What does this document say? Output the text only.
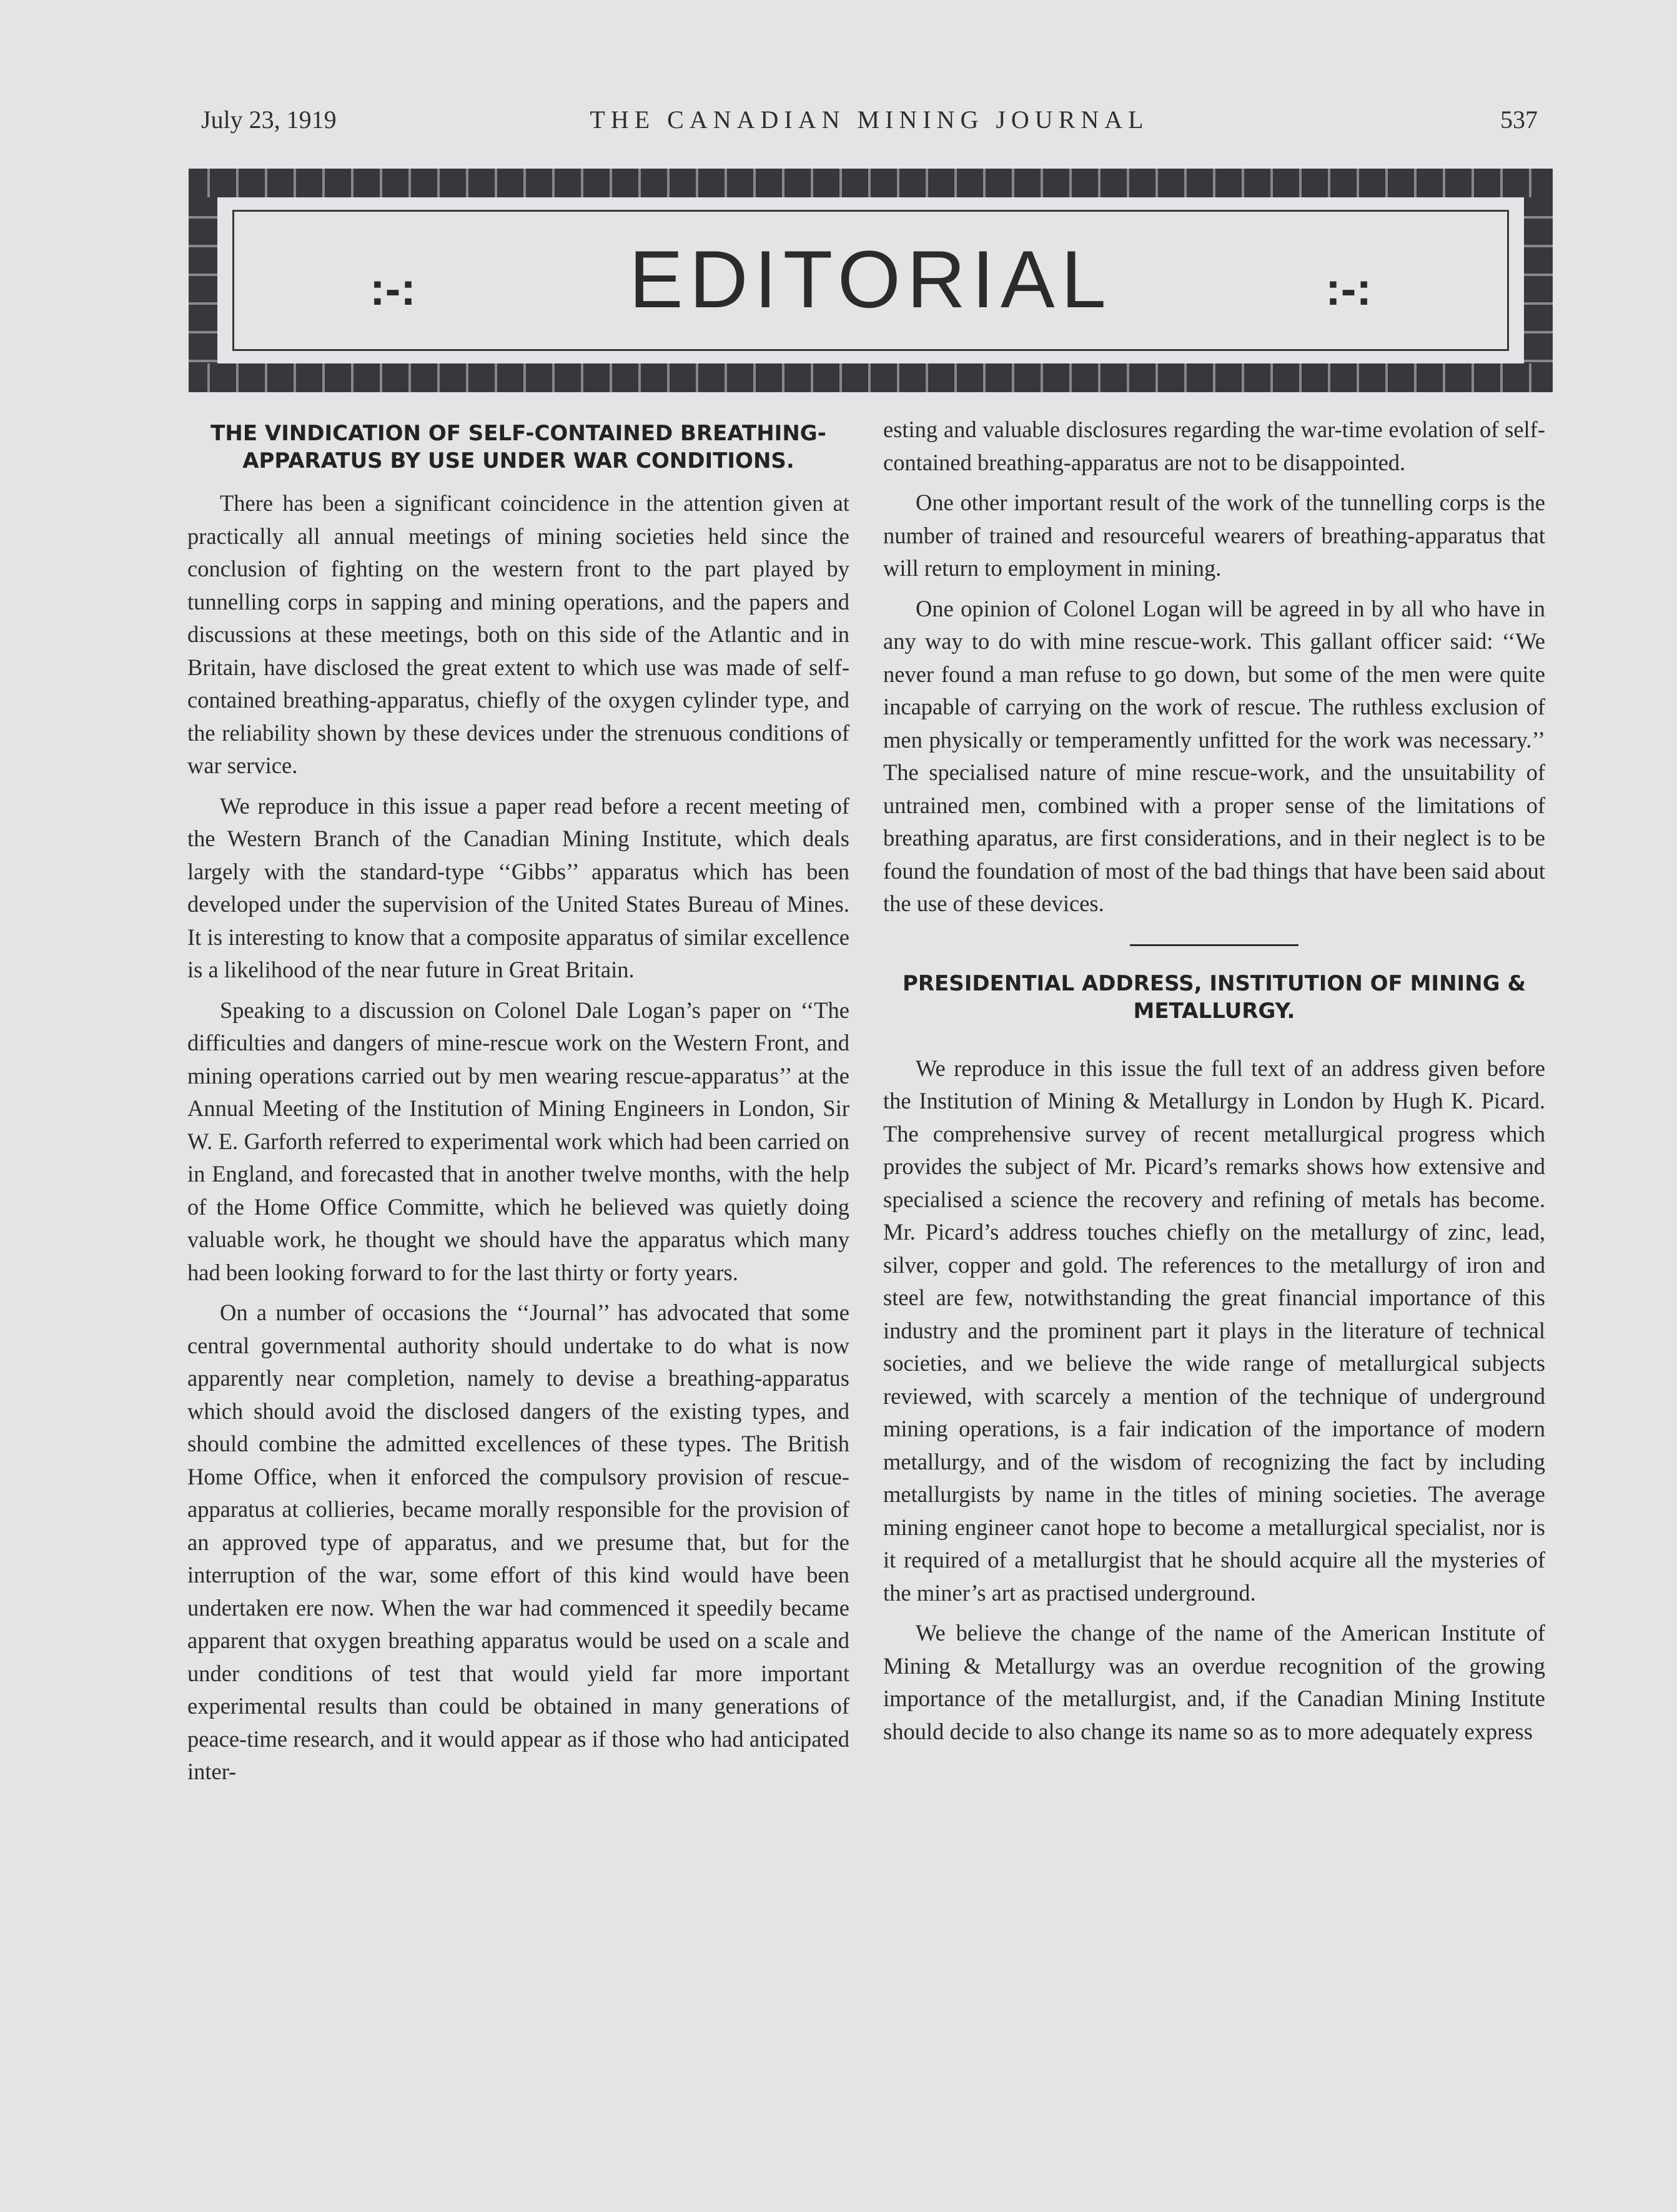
July 23, 1919	THE CANADIAN MINING JOURNAL	537
:-:	EDITORIAL	:-:
THE VINDICATION OF SELF-CONTAINED BREATHING-APPARATUS BY USE UNDER WAR CONDITIONS.

There has been a significant coincidence in the attention given at practically all annual meetings of mining societies held since the conclusion of fighting on the western front to the part played by tunnelling corps in sapping and mining operations, and the papers and discussions at these meetings, both on this side of the Atlantic and in Britain, have disclosed the great extent to which use was made of self-contained breathing-apparatus, chiefly of the oxygen cylinder type, and the reliability shown by these devices under the strenuous conditions of war service.

We reproduce in this issue a paper read before a recent meeting of the Western Branch of the Canadian Mining Institute, which deals largely with the standard-type ‘‘Gibbs’’ apparatus which has been developed under the supervision of the United States Bureau of Mines. It is interesting to know that a composite apparatus of similar excellence is a likelihood of the near future in Great Britain.

Speaking to a discussion on Colonel Dale Logan’s paper on ‘‘The difficulties and dangers of mine-rescue work on the Western Front, and mining operations carried out by men wearing rescue-apparatus’’ at the Annual Meeting of the Institution of Mining Engineers in London, Sir W. E. Garforth referred to experimental work which had been carried on in England, and forecasted that in another twelve months, with the help of the Home Office Committe, which he believed was quietly doing valuable work, he thought we should have the apparatus which many had been looking forward to for the last thirty or forty years.

On a number of occasions the ‘‘Journal’’ has advocated that some central governmental authority should undertake to do what is now apparently near completion, namely to devise a breathing-apparatus which should avoid the disclosed dangers of the existing types, and should combine the admitted excellences of these types. The British Home Office, when it enforced the compulsory provision of rescue-apparatus at collieries, became morally responsible for the provision of an approved type of apparatus, and we presume that, but for the interruption of the war, some effort of this kind would have been undertaken ere now. When the war had commenced it speedily became apparent that oxygen breathing apparatus would be used on a scale and under conditions of test that would yield far more important experimental results than could be obtained in many generations of peace-time research, and it would appear as if those who had anticipated inter-

esting and valuable disclosures regarding the war-time evolation of self-contained breathing-apparatus are not to be disappointed.

One other important result of the work of the tunnelling corps is the number of trained and resourceful wearers of breathing-apparatus that will return to employment in mining.

One opinion of Colonel Logan will be agreed in by all who have in any way to do with mine rescue-work. This gallant officer said: ‘‘We never found a man refuse to go down, but some of the men were quite incapable of carrying on the work of rescue. The ruthless exclusion of men physically or temperamently unfitted for the work was necessary.’’ The specialised nature of mine rescue-work, and the unsuitability of untrained men, combined with a proper sense of the limitations of breathing aparatus, are first considerations, and in their neglect is to be found the foundation of most of the bad things that have been said about the use of these devices.

PRESIDENTIAL ADDRESS, INSTITUTION OF MINING & METALLURGY.

We reproduce in this issue the full text of an address given before the Institution of Mining & Metallurgy in London by Hugh K. Picard. The comprehensive survey of recent metallurgical progress which provides the subject of Mr. Picard’s remarks shows how extensive and specialised a science the recovery and refining of metals has become. Mr. Picard’s address touches chiefly on the metallurgy of zinc, lead, silver, copper and gold. The references to the metallurgy of iron and steel are few, notwithstanding the great financial importance of this industry and the prominent part it plays in the literature of technical societies, and we believe the wide range of metallurgical subjects reviewed, with scarcely a mention of the technique of underground mining operations, is a fair indication of the importance of modern metallurgy, and of the wisdom of recognizing the fact by including metallurgists by name in the titles of mining societies. The average mining engineer canot hope to become a metallurgical specialist, nor is it required of a metallurgist that he should acquire all the mysteries of the miner’s art as practised underground.

We believe the change of the name of the American Institute of Mining & Metallurgy was an overdue recognition of the growing importance of the metallurgist, and, if the Canadian Mining Institute should decide to also change its name so as to more adequately express
